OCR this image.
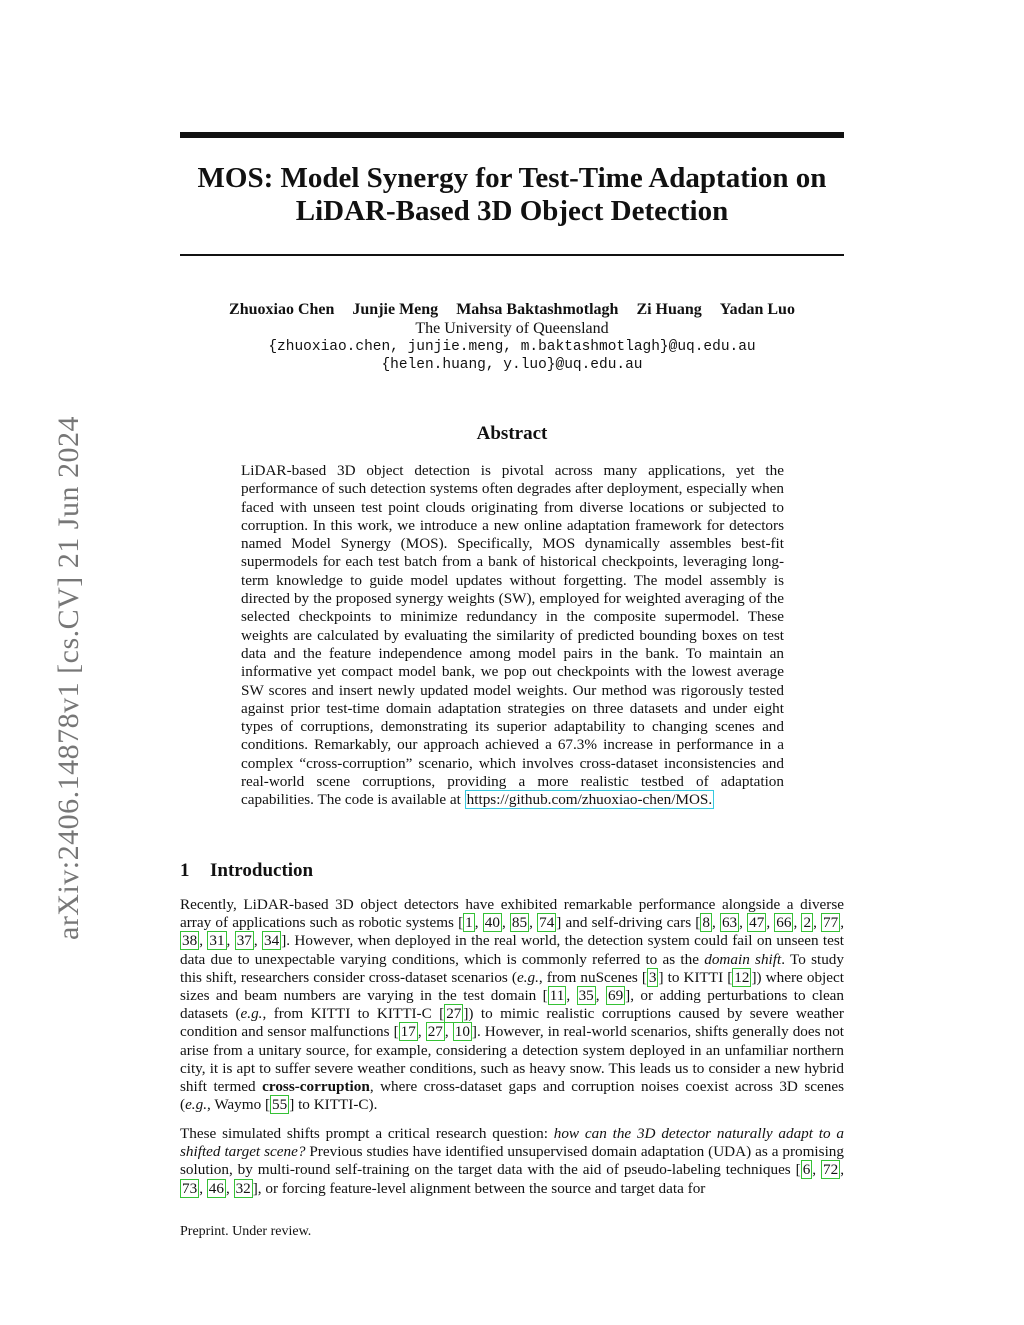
arXiv:2406.14878v1 [cs.CV] 21 Jun 2024
MOS: Model Synergy for Test-Time Adaptation on
LiDAR-Based 3D Object Detection
Zhuoxiao Chen Junjie Meng Mahsa Baktashmotlagh Zi Huang Yadan Luo
The University of Queensland
{zhuoxiao.chen, junjie.meng, m.baktashmotlagh}@uq.edu.au
{helen.huang, y.luo}@uq.edu.au
Abstract
LiDAR-based 3D object detection is pivotal across many applications, yet the performance of such detection systems often degrades after deployment, especially when faced with unseen test point clouds originating from diverse locations or subjected to corruption. In this work, we introduce a new online adaptation framework for detectors named Model Synergy (MOS). Specifically, MOS dynamically assembles best-fit supermodels for each test batch from a bank of historical checkpoints, leveraging long-term knowledge to guide model updates without forgetting. The model assembly is directed by the proposed synergy weights (SW), employed for weighted averaging of the selected checkpoints to minimize redundancy in the composite supermodel. These weights are calculated by evaluating the similarity of predicted bounding boxes on test data and the feature independence among model pairs in the bank. To maintain an informative yet compact model bank, we pop out checkpoints with the lowest average SW scores and insert newly updated model weights. Our method was rigorously tested against prior test-time domain adaptation strategies on three datasets and under eight types of corruptions, demonstrating its superior adaptability to changing scenes and conditions. Remarkably, our approach achieved a 67.3% increase in performance in a complex “cross-corruption” scenario, which involves cross-dataset inconsistencies and real-world scene corruptions, providing a more realistic testbed of adaptation capabilities. The code is available at https://github.com/zhuoxiao-chen/MOS.
1 Introduction
Recently, LiDAR-based 3D object detectors have exhibited remarkable performance alongside a diverse array of applications such as robotic systems [ 1 , 40 , 85 , 74 ] and self-driving cars [ 8 , 63 , 47 , 66 , 2 , 77 , 38 , 31 , 37 , 34 ]. However, when deployed in the real world, the detection system could fail on unseen test data due to unexpectable varying conditions, which is commonly referred to as the domain shift. To study this shift, researchers consider cross-dataset scenarios (e.g., from nuScenes [ 3 ] to KITTI [ 12 ]) where object sizes and beam numbers are varying in the test domain [ 11 , 35 , 69 ], or adding perturbations to clean datasets (e.g., from KITTI to KITTI-C [ 27 ]) to mimic realistic corruptions caused by severe weather condition and sensor malfunctions [ 17 , 27 , 10 ]. However, in real-world scenarios, shifts generally does not arise from a unitary source, for example, considering a detection system deployed in an unfamiliar northern city, it is apt to suffer severe weather conditions, such as heavy snow. This leads us to consider a new hybrid shift termed cross-corruption, where cross-dataset gaps and corruption noises coexist across 3D scenes (e.g., Waymo [ 55 ] to KITTI-C).
These simulated shifts prompt a critical research question: how can the 3D detector naturally adapt to a shifted target scene? Previous studies have identified unsupervised domain adaptation (UDA) as a promising solution, by multi-round self-training on the target data with the aid of pseudo-labeling techniques [ 6 , 72 , 73 , 46 , 32 ], or forcing feature-level alignment between the source and target data for
Preprint. Under review.
